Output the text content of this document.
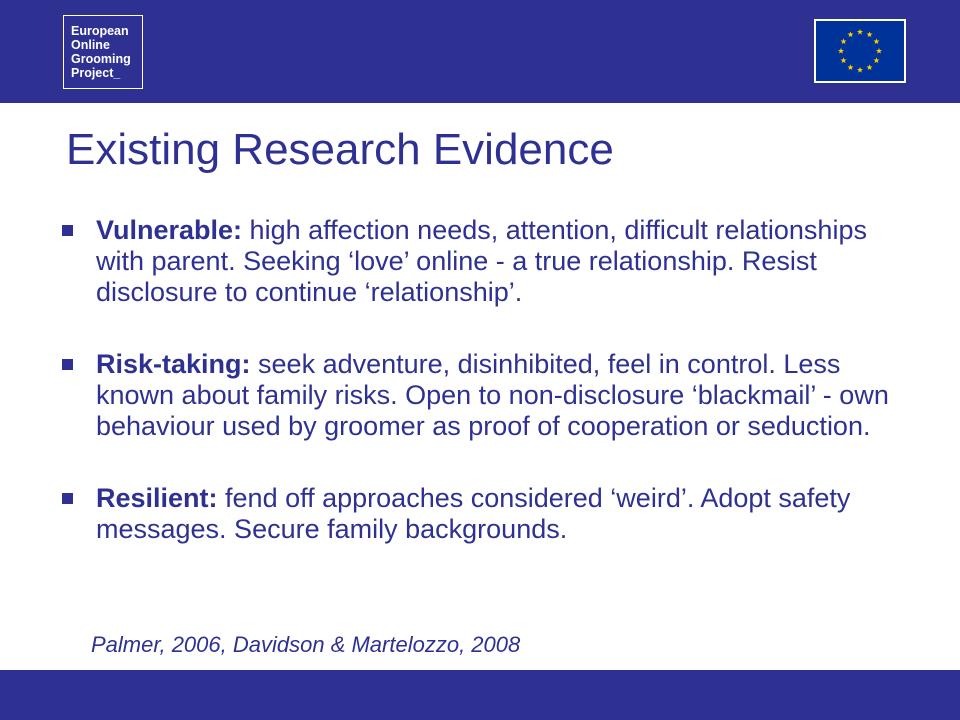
European
Online
Grooming
Project_
Existing Research Evidence
Vulnerable: high affection needs, attention, difficult relationships with parent. Seeking ‘love’ online - a true relationship. Resist disclosure to continue ‘relationship’.
Risk-taking: seek adventure, disinhibited, feel in control. Less known about family risks. Open to non-disclosure ‘blackmail’ - own behaviour used by groomer as proof of cooperation or seduction.
Resilient: fend off approaches considered ‘weird’. Adopt safety messages. Secure family backgrounds.
Palmer, 2006, Davidson & Martelozzo, 2008
